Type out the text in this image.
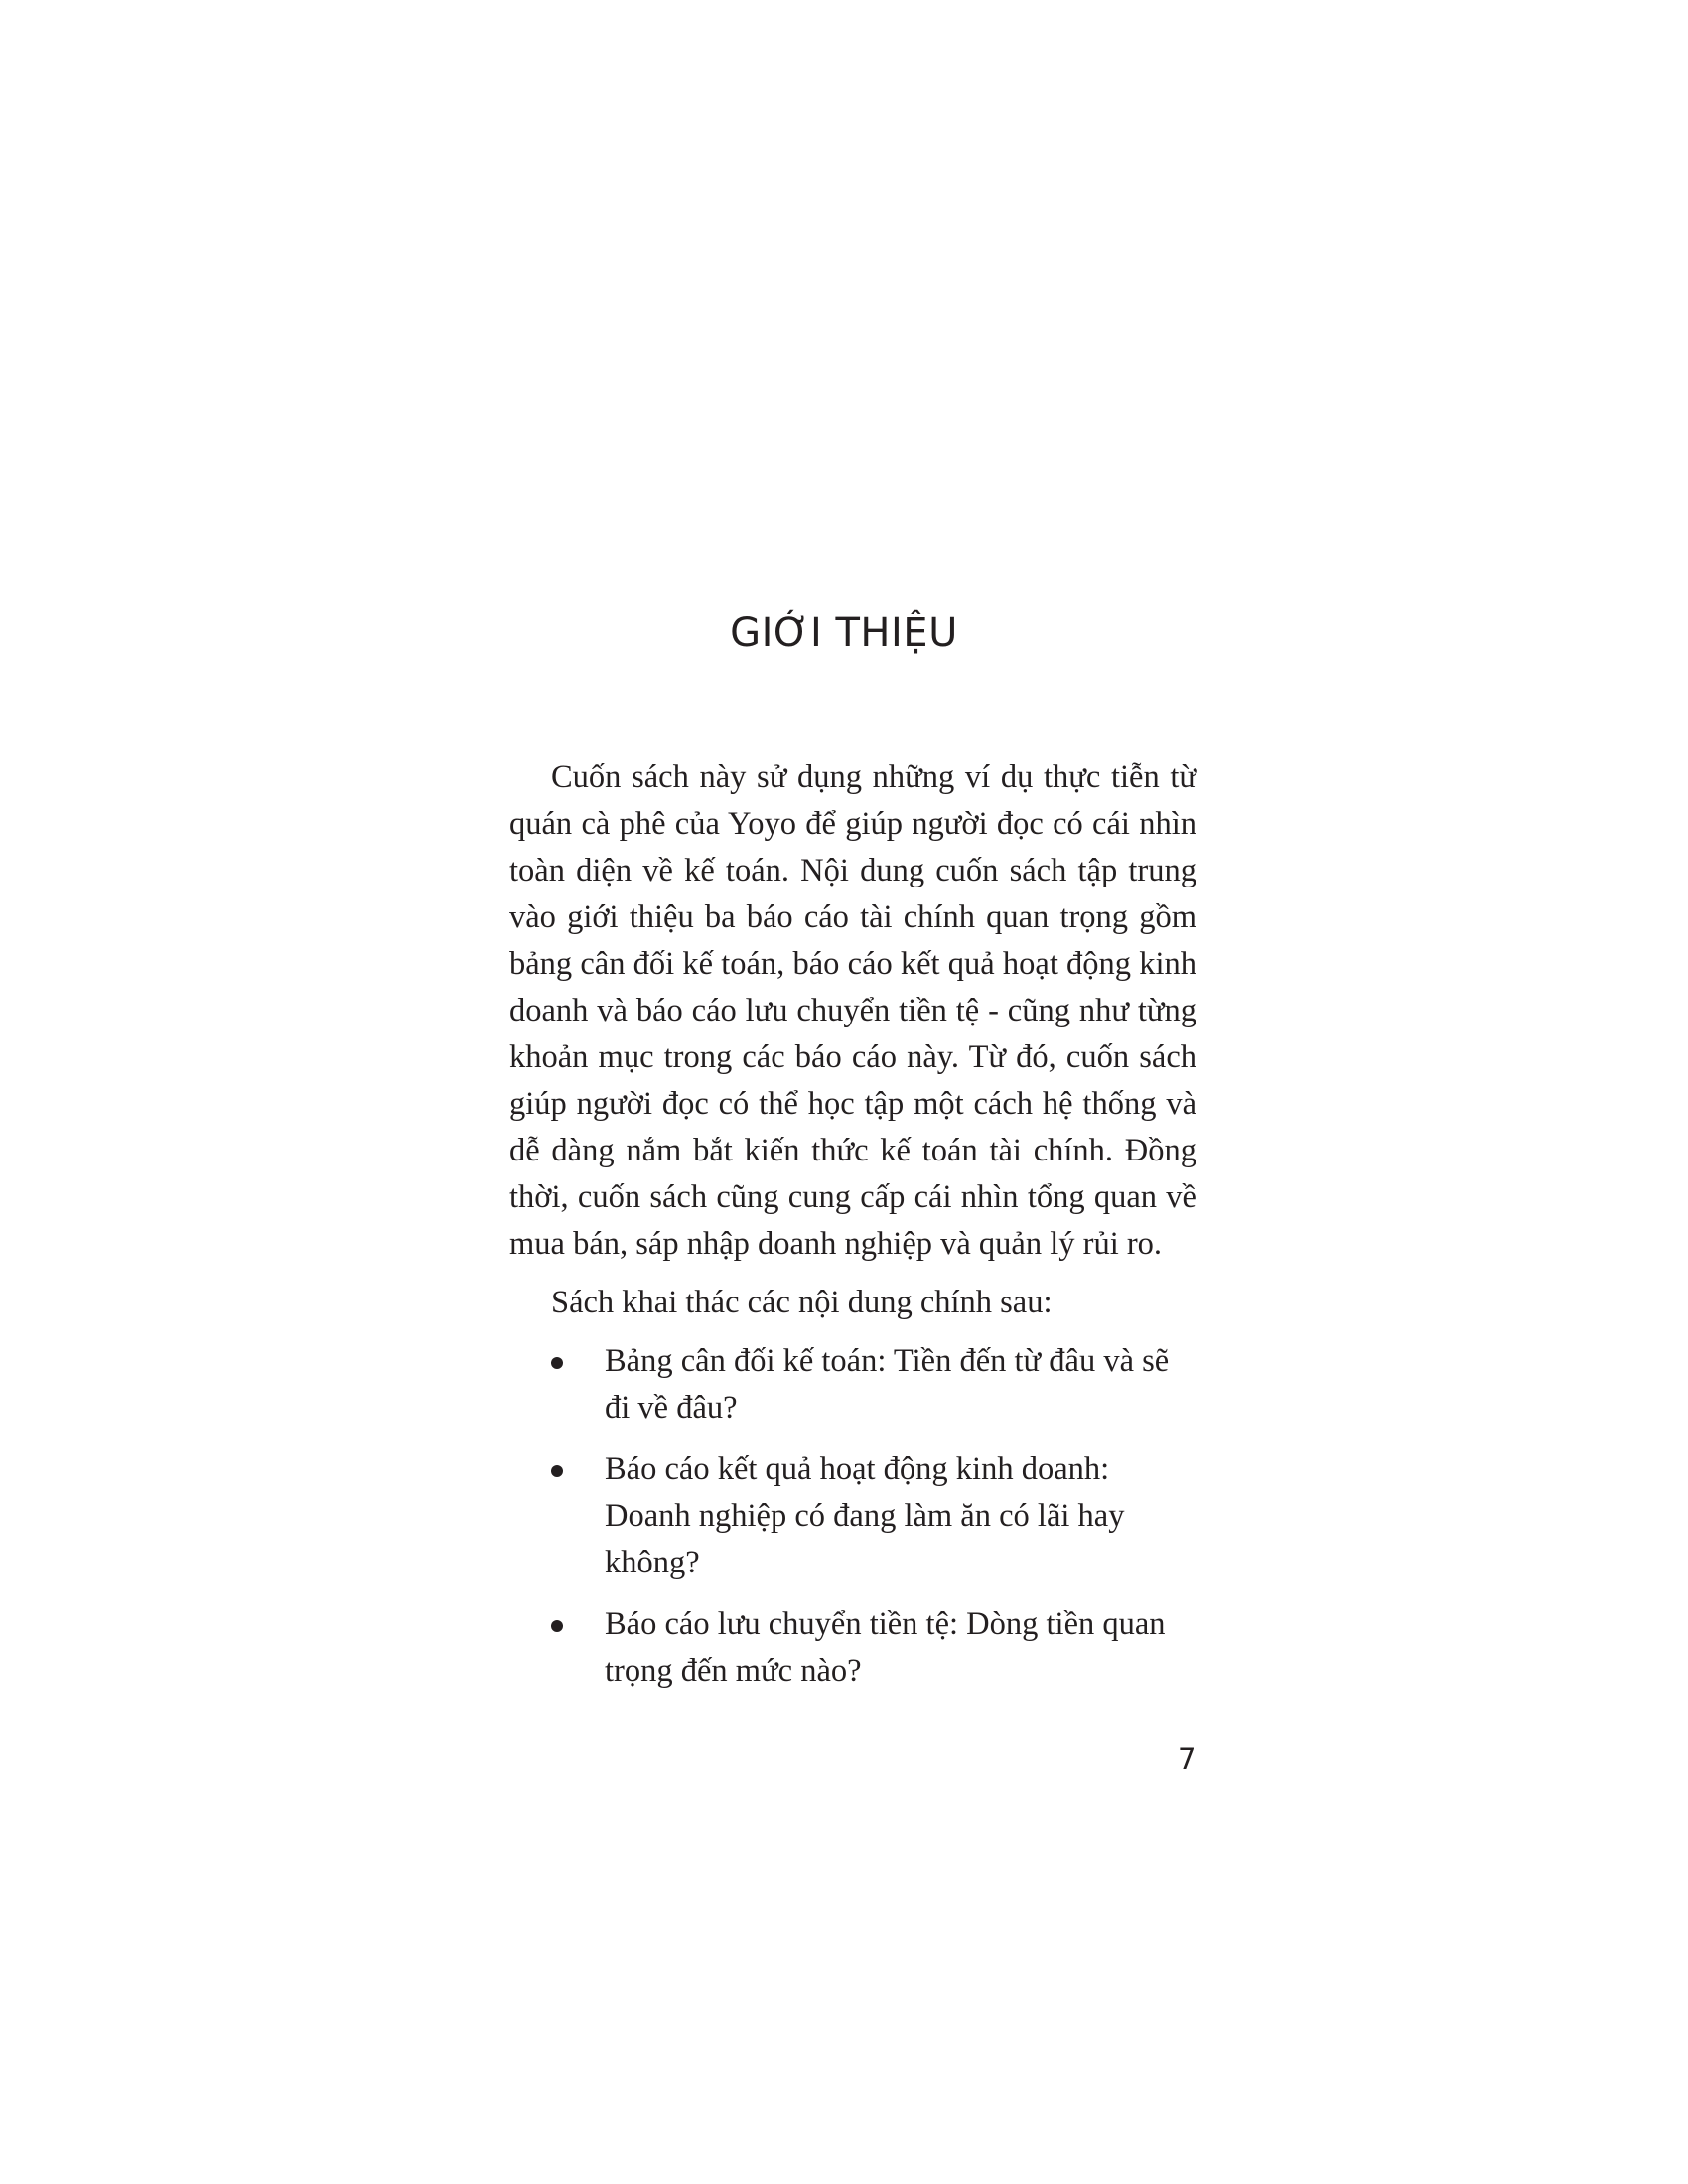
GIỚI THIỆU

Cuốn sách này sử dụng những ví dụ thực tiễn từ quán cà phê của Yoyo để giúp người đọc có cái nhìn toàn diện về kế toán. Nội dung cuốn sách tập trung vào giới thiệu ba báo cáo tài chính quan trọng gồm bảng cân đối kế toán, báo cáo kết quả hoạt động kinh doanh và báo cáo lưu chuyển tiền tệ - cũng như từng khoản mục trong các báo cáo này. Từ đó, cuốn sách giúp người đọc có thể học tập một cách hệ thống và dễ dàng nắm bắt kiến thức kế toán tài chính. Đồng thời, cuốn sách cũng cung cấp cái nhìn tổng quan về mua bán, sáp nhập doanh nghiệp và quản lý rủi ro.

Sách khai thác các nội dung chính sau:

Bảng cân đối kế toán: Tiền đến từ đâu và sẽ đi về đâu?
Báo cáo kết quả hoạt động kinh doanh: Doanh nghiệp có đang làm ăn có lãi hay không?
Báo cáo lưu chuyển tiền tệ: Dòng tiền quan trọng đến mức nào?
7
